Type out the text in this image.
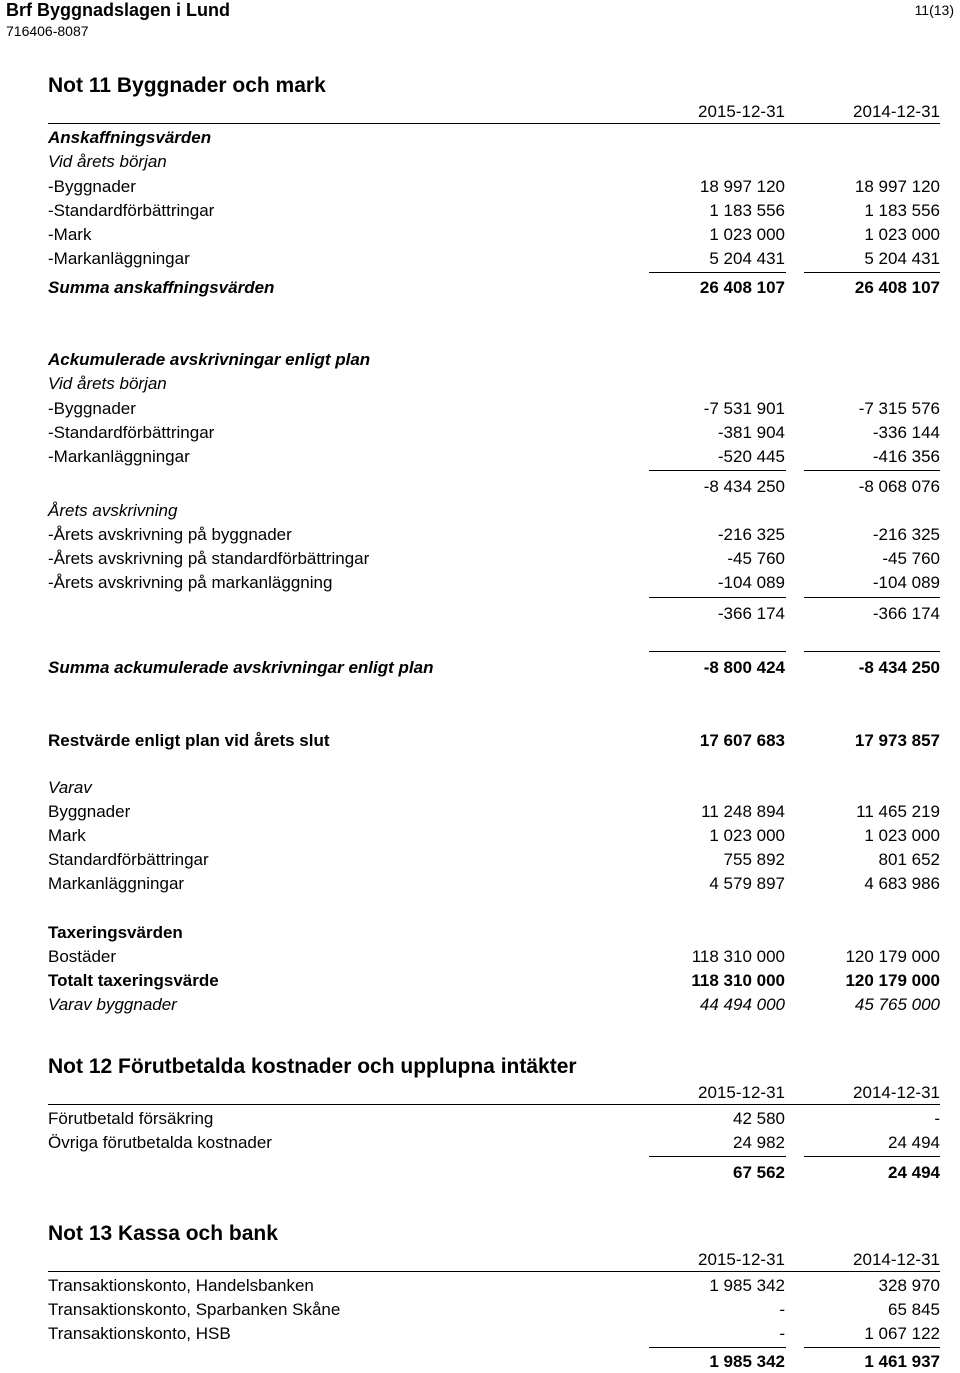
Brf Byggnadslagen i Lund
716406-8087
11(13)
Not 11 Byggnader och mark
2015-12-31	2014-12-31
Anskaffningsvärden
Vid årets början
-Byggnader	18 997 120	18 997 120
-Standardförbättringar	1 183 556	1 183 556
-Mark	1 023 000	1 023 000
-Markanläggningar	5 204 431	5 204 431
Summa anskaffningsvärden	26 408 107	26 408 107
Ackumulerade avskrivningar enligt plan
Vid årets början
-Byggnader	-7 531 901	-7 315 576
-Standardförbättringar	-381 904	-336 144
-Markanläggningar	-520 445	-416 356
-8 434 250	-8 068 076
Årets avskrivning
-Årets avskrivning på byggnader	-216 325	-216 325
-Årets avskrivning på standardförbättringar	-45 760	-45 760
-Årets avskrivning på markanläggning	-104 089	-104 089
-366 174	-366 174
Summa ackumulerade avskrivningar enligt plan	-8 800 424	-8 434 250
Restvärde enligt plan vid årets slut	17 607 683	17 973 857
Varav
Byggnader	11 248 894	11 465 219
Mark	1 023 000	1 023 000
Standardförbättringar	755 892	801 652
Markanläggningar	4 579 897	4 683 986
Taxeringsvärden
Bostäder	118 310 000	120 179 000
Totalt taxeringsvärde	118 310 000	120 179 000
Varav byggnader	44 494 000	45 765 000
Not 12 Förutbetalda kostnader och upplupna intäkter
2015-12-31	2014-12-31
Förutbetald försäkring	42 580	-
Övriga förutbetalda kostnader	24 982	24 494
67 562	24 494
Not 13 Kassa och bank
2015-12-31	2014-12-31
Transaktionskonto, Handelsbanken	1 985 342	328 970
Transaktionskonto, Sparbanken Skåne	-	65 845
Transaktionskonto, HSB	-	1 067 122
1 985 342	1 461 937
